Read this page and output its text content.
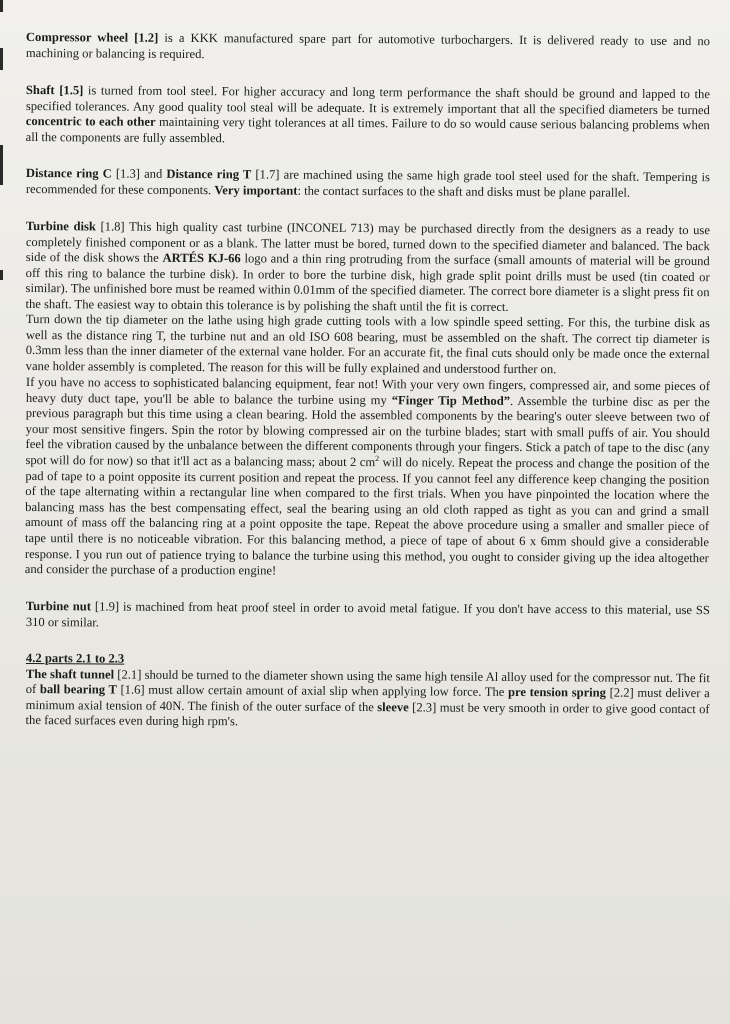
Compressor wheel [1.2] is a KKK manufactured spare part for automotive turbochargers. It is delivered ready to use and no machining or balancing is required.

Shaft [1.5] is turned from tool steel. For higher accuracy and long term performance the shaft should be ground and lapped to the specified tolerances. Any good quality tool steal will be adequate. It is extremely important that all the specified diameters be turned concentric to each other maintaining very tight tolerances at all times. Failure to do so would cause serious balancing problems when all the components are fully assembled.

Distance ring C [1.3] and Distance ring T [1.7] are machined using the same high grade tool steel used for the shaft. Tempering is recommended for these components. Very important: the contact surfaces to the shaft and disks must be plane parallel.

Turbine disk [1.8] This high quality cast turbine (INCONEL 713) may be purchased directly from the designers as a ready to use completely finished component or as a blank. The latter must be bored, turned down to the specified diameter and balanced. The back side of the disk shows the ARTÉS KJ-66 logo and a thin ring protruding from the surface (small amounts of material will be ground off this ring to balance the turbine disk). In order to bore the turbine disk, high grade split point drills must be used (tin coated or similar). The unfinished bore must be reamed within 0.01mm of the specified diameter. The correct bore diameter is a slight press fit on the shaft. The easiest way to obtain this tolerance is by polishing the shaft until the fit is correct.

Turn down the tip diameter on the lathe using high grade cutting tools with a low spindle speed setting. For this, the turbine disk as well as the distance ring T, the turbine nut and an old ISO 608 bearing, must be assembled on the shaft. The correct tip diameter is 0.3mm less than the inner diameter of the external vane holder. For an accurate fit, the final cuts should only be made once the external vane holder assembly is completed. The reason for this will be fully explained and understood further on.

If you have no access to sophisticated balancing equipment, fear not! With your very own fingers, compressed air, and some pieces of heavy duty duct tape, you'll be able to balance the turbine using my “Finger Tip Method”. Assemble the turbine disc as per the previous paragraph but this time using a clean bearing. Hold the assembled components by the bearing's outer sleeve between two of your most sensitive fingers. Spin the rotor by blowing compressed air on the turbine blades; start with small puffs of air. You should feel the vibration caused by the unbalance between the different components through your fingers. Stick a patch of tape to the disc (any spot will do for now) so that it'll act as a balancing mass; about 2 $cm^2$ will do nicely. Repeat the process and change the position of the pad of tape to a point opposite its current position and repeat the process. If you cannot feel any difference keep changing the position of the tape alternating within a rectangular line when compared to the first trials. When you have pinpointed the location where the balancing mass has the best compensating effect, seal the bearing using an old cloth rapped as tight as you can and grind a small amount of mass off the balancing ring at a point opposite the tape. Repeat the above procedure using a smaller and smaller piece of tape until there is no noticeable vibration. For this balancing method, a piece of tape of about 6 x 6mm should give a considerable response. I you run out of patience trying to balance the turbine using this method, you ought to consider giving up the idea altogether and consider the purchase of a production engine!

Turbine nut [1.9] is machined from heat proof steel in order to avoid metal fatigue. If you don't have access to this material, use SS 310 or similar.

4.2 parts 2.1 to 2.3
The shaft tunnel [2.1] should be turned to the diameter shown using the same high tensile Al alloy used for the compressor nut. The fit of ball bearing T [1.6] must allow certain amount of axial slip when applying low force. The pre tension spring [2.2] must deliver a minimum axial tension of 40N. The finish of the outer surface of the sleeve [2.3] must be very smooth in order to give good contact of the faced surfaces even during high rpm's.
